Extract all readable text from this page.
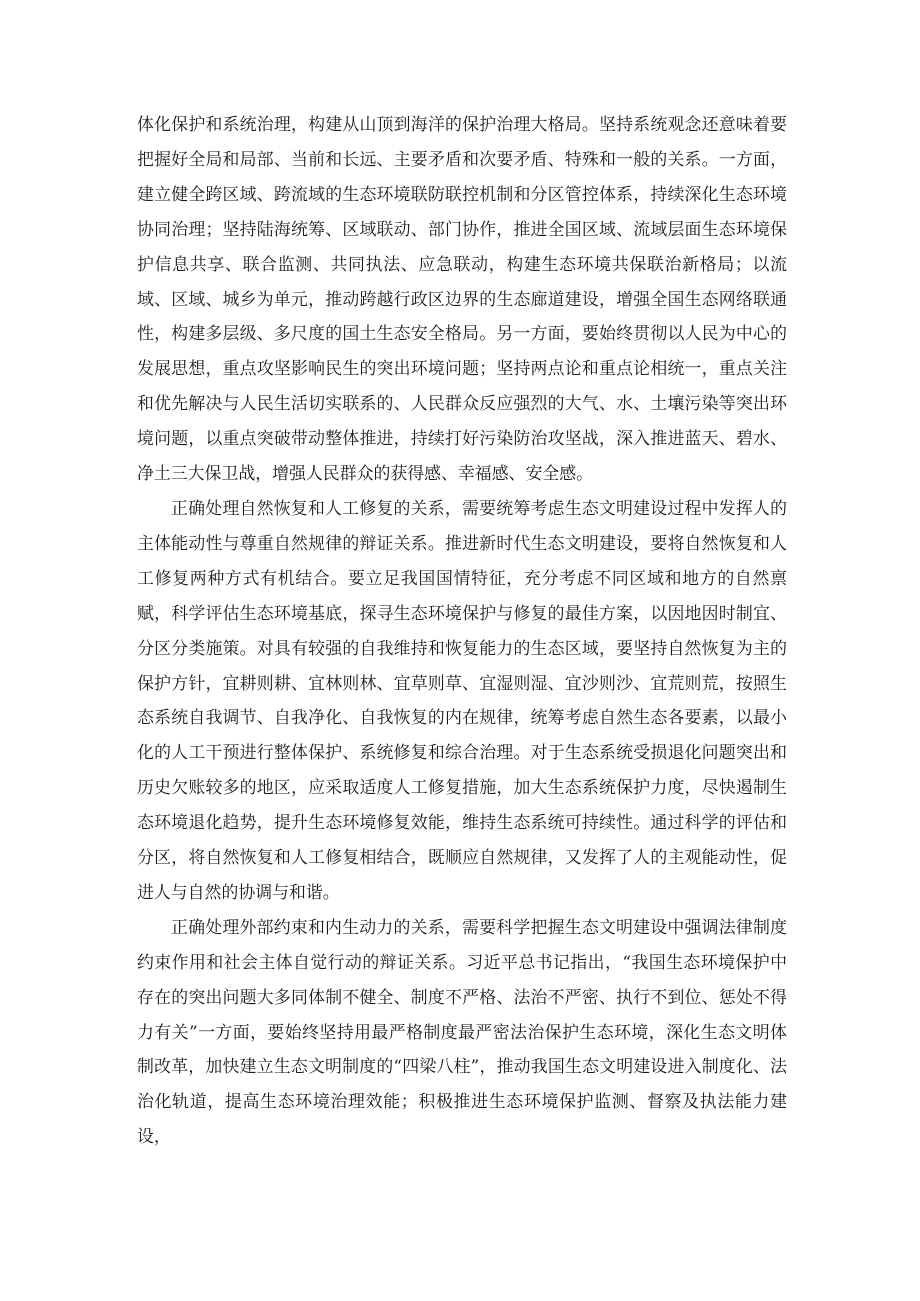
体化保护和系统治理，构建从山顶到海洋的保护治理大格局。坚持系统观念还意味着要把握好全局和局部、当前和长远、主要矛盾和次要矛盾、特殊和一般的关系。一方面，建立健全跨区域、跨流域的生态环境联防联控机制和分区管控体系，持续深化生态环境协同治理；坚持陆海统筹、区域联动、部门协作，推进全国区域、流域层面生态环境保护信息共享、联合监测、共同执法、应急联动，构建生态环境共保联治新格局；以流域、区域、城乡为单元，推动跨越行政区边界的生态廊道建设，增强全国生态网络联通性，构建多层级、多尺度的国土生态安全格局。另一方面，要始终贯彻以人民为中心的发展思想，重点攻坚影响民生的突出环境问题；坚持两点论和重点论相统一，重点关注和优先解决与人民生活切实联系的、人民群众反应强烈的大气、水、土壤污染等突出环境问题，以重点突破带动整体推进，持续打好污染防治攻坚战，深入推进蓝天、碧水、净土三大保卫战，增强人民群众的获得感、幸福感、安全感。

正确处理自然恢复和人工修复的关系，需要统筹考虑生态文明建设过程中发挥人的主体能动性与尊重自然规律的辩证关系。推进新时代生态文明建设，要将自然恢复和人工修复两种方式有机结合。要立足我国国情特征，充分考虑不同区域和地方的自然禀赋，科学评估生态环境基底，探寻生态环境保护与修复的最佳方案，以因地因时制宜、分区分类施策。对具有较强的自我维持和恢复能力的生态区域，要坚持自然恢复为主的保护方针，宜耕则耕、宜林则林、宜草则草、宜湿则湿、宜沙则沙、宜荒则荒，按照生态系统自我调节、自我净化、自我恢复的内在规律，统筹考虑自然生态各要素，以最小化的人工干预进行整体保护、系统修复和综合治理。对于生态系统受损退化问题突出和历史欠账较多的地区，应采取适度人工修复措施，加大生态系统保护力度，尽快遏制生态环境退化趋势，提升生态环境修复效能，维持生态系统可持续性。通过科学的评估和分区，将自然恢复和人工修复相结合，既顺应自然规律，又发挥了人的主观能动性，促进人与自然的协调与和谐。

正确处理外部约束和内生动力的关系，需要科学把握生态文明建设中强调法律制度约束作用和社会主体自觉行动的辩证关系。习近平总书记指出，“我国生态环境保护中存在的突出问题大多同体制不健全、制度不严格、法治不严密、执行不到位、惩处不得力有关”一方面，要始终坚持用最严格制度最严密法治保护生态环境，深化生态文明体制改革，加快建立生态文明制度的“四梁八柱”，推动我国生态文明建设进入制度化、法治化轨道，提高生态环境治理效能；积极推进生态环境保护监测、督察及执法能力建设，
